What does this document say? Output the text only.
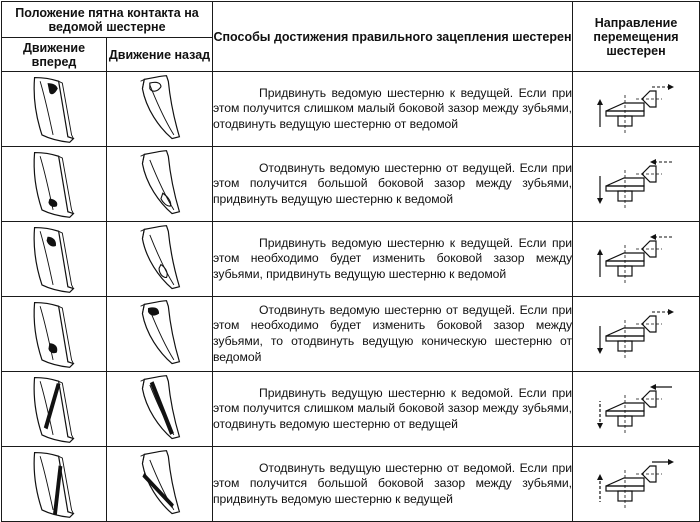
Положение пятна контакта на ведомой шестерне		Способы достижения правильного зацепления шестерен	Направление перемещения шестерен
Движение вперед	Движение назад		

Придвинуть ведомую шестерню к ведущей. Если при этом получится слишком малый боковой зазор между зубьями, отодвинуть ведущую шестерню от ведомой

Отодвинуть ведомую шестерню от ведущей. Если при этом получится большой боковой зазор между зубьями, придвинуть ведущую шестерню к ведомой

Придвинуть ведомую шестерню к ведущей. Если при этом необходимо будет изменить боковой зазор между зубьями, придвинуть ведущую шестерню к ведомой

Отодвинуть ведомую шестерню от ведущей. Если при этом необходимо будет изменить боковой зазор между зубьями, то отодвинуть ведущую коническую шестерню от ведомой

Придвинуть ведущую шестерню к ведомой. Если при этом получится слишком малый боковой зазор между зубьями, отодвинуть ведомую шестерню от ведущей

Отодвинуть ведущую шестерню от ведомой. Если при этом получится большой боковой зазор между зубьями, придвинуть ведомую шестерню к ведущей
